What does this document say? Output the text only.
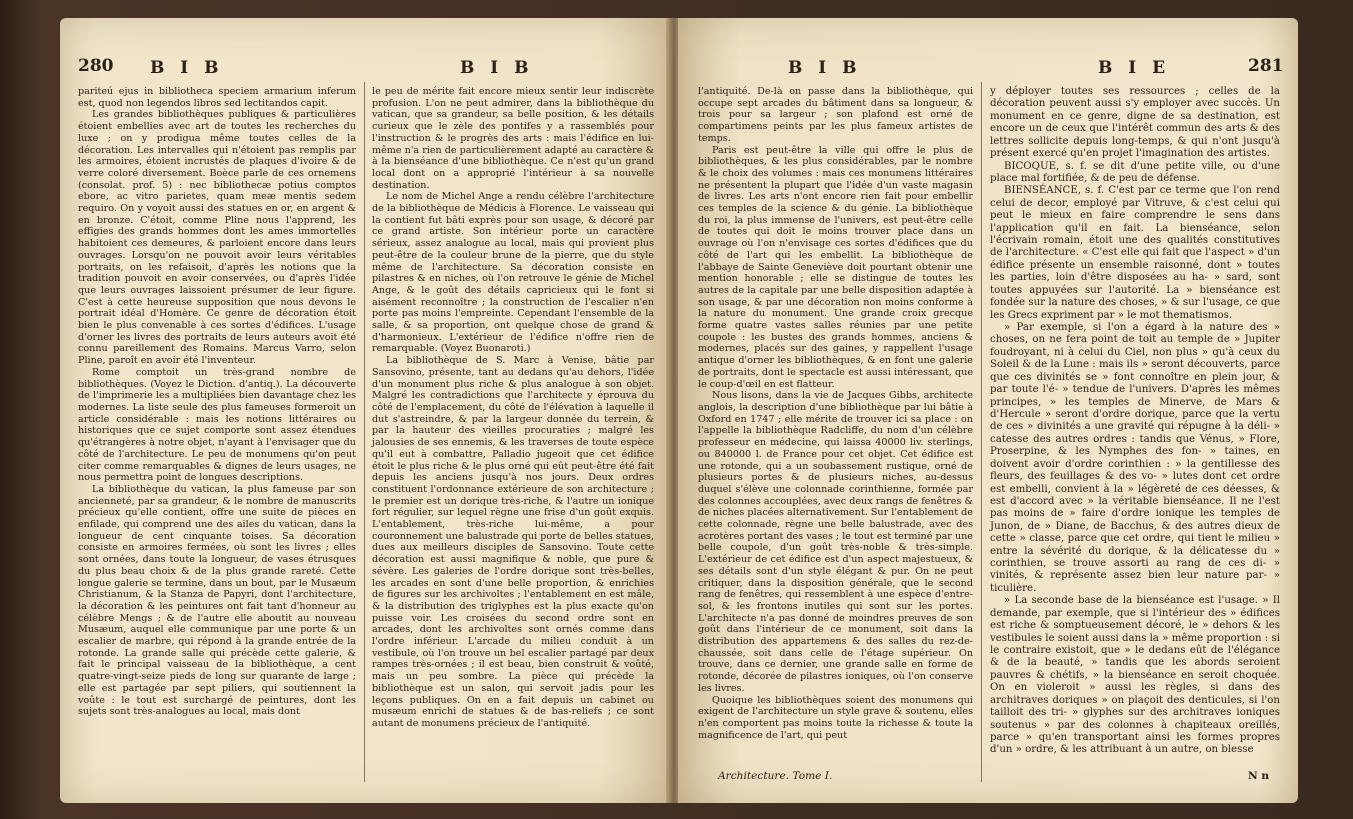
280 B I B	B I B

pariteú ejus in bibliotheca speciem armarium inferum est, quod non legendos libros sed lectitandos capit.

Les grandes bibliothèques publiques & particulières étoient embellies avec art de toutes les recherches du luxe ; on y prodigua même toutes celles de la décoration. Les intervalles qui n'étoient pas remplis par les armoires, étoient incrustés de plaques d'ivoire & de verre coloré diversement. Boèce parle de ces ornemens (consolat. prof. 5) : nec bibliothecæ potius comptos ebore, ac vitro parietes, quam meæ mentis sedem requiro. On y voyoit aussi des statues en or, en argent & en bronze. C'étoit, comme Pline nous l'apprend, les effigies des grands hommes dont les ames immortelles habitoient ces demeures, & parloient encore dans leurs ouvrages. Lorsqu'on ne pouvoit avoir leurs véritables portraits, on les refaisoit, d'après les notions que la tradition pouvoit en avoir conservées, ou d'après l'idée que leurs ouvrages laissoient présumer de leur figure. C'est à cette heureuse supposition que nous devons le portrait idéal d'Homère. Ce genre de décoration étoit bien le plus convenable à ces sortes d'édifices. L'usage d'orner les livres des portraits de leurs auteurs avoit été connu pareillement des Romains. Marcus Varro, selon Pline, paroît en avoir été l'inventeur.

Rome comptoit un très-grand nombre de bibliothèques. (Voyez le Diction. d'antiq.). La découverte de l'imprimerie les a multipliées bien davantage chez les modernes. La liste seule des plus fameuses formeroit un article considérable : mais les notions littéraires ou historiques que ce sujet comporte sont assez étendues qu'étrangères à notre objet, n'ayant à l'envisager que du côté de l'architecture. Le peu de monumens qu'on peut citer comme remarquables & dignes de leurs usages, ne nous permettra point de longues descriptions.

La bibliothèque du vatican, la plus fameuse par son ancienneté, par sa grandeur, & le nombre de manuscrits précieux qu'elle contient, offre une suite de pièces en enfilade, qui comprend une des ailes du vatican, dans la longueur de cent cinquante toises. Sa décoration consiste en armoires fermées, où sont les livres ; elles sont ornées, dans toute la longueur, de vases étrusques du plus beau choix & de la plus grande rareté. Cette longue galerie se termine, dans un bout, par le Musæum Christianum, & la Stanza de Papyri, dont l'architecture, la décoration & les peintures ont fait tant d'honneur au célèbre Mengs ; & de l'autre elle aboutit au nouveau Musæum, auquel elle communique par une porte & un escalier de marbre, qui répond à la grande entrée de la rotonde. La grande salle qui précède cette galerie, & fait le principal vaisseau de la bibliothèque, a cent quatre-vingt-seize pieds de long sur quarante de large ; elle est partagée par sept piliers, qui soutiennent la voûte : le tout est surchargé de peintures, dont les sujets sont très-analogues au local, mais dont

le peu de mérite fait encore mieux sentir leur indiscrète profusion. L'on ne peut admirer, dans la bibliothèque du vatican, que sa grandeur, sa belle position, & les détails curieux que le zèle des pontifes y a rassemblés pour l'instruction & le progrès des arts : mais l'édifice en lui-même n'a rien de particulièrement adapté au caractère & à la bienséance d'une bibliothèque. Ce n'est qu'un grand local dont on a approprié l'intérieur à sa nouvelle destination.

Le nom de Michel Ange a rendu célèbre l'architecture de la bibliothèque de Médicis à Florence. Le vaisseau qui la contient fut bâti exprès pour son usage, & décoré par ce grand artiste. Son intérieur porte un caractère sérieux, assez analogue au local, mais qui provient plus peut-être de la couleur brune de la pierre, que du style même de l'architecture. Sa décoration consiste en pilastres & en niches, où l'on retrouve le génie de Michel Ange, & le goût des détails capricieux qui le font si aisément reconnoître ; la construction de l'escalier n'en porte pas moins l'empreinte. Cependant l'ensemble de la salle, & sa proportion, ont quelque chose de grand & d'harmonieux. L'extérieur de l'édifice n'offre rien de remarquable. (Voyez Buonaroti.)

La bibliothèque de S. Marc à Venise, bâtie par Sansovino, présente, tant au dedans qu'au dehors, l'idée d'un monument plus riche & plus analogue à son objet. Malgré les contradictions que l'architecte y éprouva du côté de l'emplacement, du côté de l'élévation à laquelle il dut s'astreindre, & par la largeur donnée du terrein, & par la hauteur des vieilles procuraties ; malgré les jalousies de ses ennemis, & les traverses de toute espèce qu'il eut à combattre, Palladio jugeoit que cet édifice étoit le plus riche & le plus orné qui eût peut-être été fait depuis les anciens jusqu'à nos jours. Deux ordres constituent l'ordonnance extérieure de son architecture ; le premier est un dorique très-riche, & l'autre un ionique fort régulier, sur lequel règne une frise d'un goût exquis. L'entablement, très-riche lui-même, a pour couronnement une balustrade qui porte de belles statues, dues aux meilleurs disciples de Sansovino. Toute cette décoration est aussi magnifique & noble, que pure & sévère. Les galeries de l'ordre dorique sont très-belles, les arcades en sont d'une belle proportion, & enrichies de figures sur les archivoltes ; l'entablement en est mâle, & la distribution des triglyphes est la plus exacte qu'on puisse voir. Les croisées du second ordre sont en arcades, dont les archivoltes sont ornés comme dans l'ordre inférieur. L'arcade du milieu conduit à un vestibule, où l'on trouve un bel escalier partagé par deux rampes très-ornées ; il est beau, bien construit & voûté, mais un peu sombre. La pièce qui précède la bibliothèque est un salon, qui servoit jadis pour les leçons publiques. On en a fait depuis un cabinet ou musæum enrichi de statues & de bas-reliefs ; ce sont autant de monumens précieux de l'antiquité.

B I B	B I E	281

l'antiquité. De-là on passe dans la bibliothèque, qui occupe sept arcades du bâtiment dans sa longueur, & trois pour sa largeur ; son plafond est orné de compartimens peints par les plus fameux artistes de temps.

Paris est peut-être la ville qui offre le plus de bibliothèques, & les plus considérables, par le nombre & le choix des volumes : mais ces monumens littéraires ne présentent la plupart que l'idée d'un vaste magasin de livres. Les arts n'ont encore rien fait pour embellir ces temples de la science & du génie. La bibliothèque du roi, la plus immense de l'univers, est peut-être celle de toutes qui doit le moins trouver place dans un ouvrage où l'on n'envisage ces sortes d'édifices que du côté de l'art qui les embellit. La bibliothèque de l'abbaye de Sainte Geneviève doit pourtant obtenir une mention honorable ; elle se distingue de toutes les autres de la capitale par une belle disposition adaptée à son usage, & par une décoration non moins conforme à la nature du monument. Une grande croix grecque forme quatre vastes salles réunies par une petite coupole : les bustes des grands hommes, anciens & modernes, placés sur des gaines, y rappellent l'usage antique d'orner les bibliothèques, & en font une galerie de portraits, dont le spectacle est aussi intéressant, que le coup-d'œil en est flatteur.

Nous lisons, dans la vie de Jacques Gibbs, architecte anglois, la description d'une bibliothèque par lui bâtie à Oxford en 1747 ; elle mérite de trouver ici sa place : on l'appelle la bibliothèque Radcliffe, du nom d'un célèbre professeur en médecine, qui laissa 40000 liv. sterlings, ou 840000 l. de France pour cet objet. Cet édifice est une rotonde, qui a un soubassement rustique, orné de plusieurs portes & de plusieurs niches, au-dessus duquel s'élève une colonnade corinthienne, formée par des colonnes accouplées, avec deux rangs de fenêtres & de niches placées alternativement. Sur l'entablement de cette colonnade, règne une belle balustrade, avec des acrotères portant des vases ; le tout est terminé par une belle coupole, d'un goût très-noble & très-simple. L'extérieur de cet édifice est d'un aspect majestueux, & ses détails sont d'un style élégant & pur. On ne peut critiquer, dans la disposition générale, que le second rang de fenêtres, qui ressemblent à une espèce d'entre-sol, & les frontons inutiles qui sont sur les portes. L'architecte n'a pas donné de moindres preuves de son goût dans l'intérieur de ce monument, soit dans la distribution des appartemens & des salles du rez-de-chaussée, soit dans celle de l'étage supérieur. On trouve, dans ce dernier, une grande salle en forme de rotonde, décorée de pilastres ioniques, où l'on conserve les livres.

Quoique les bibliothèques soient des monumens qui exigent de l'architecture un style grave & soutenu, elles n'en comportent pas moins toute la richesse & toute la magnificence de l'art, qui peut

Architecture. Tome I.

y déployer toutes ses ressources ; celles de la décoration peuvent aussi s'y employer avec succès. Un monument en ce genre, digne de sa destination, est encore un de ceux que l'intérêt commun des arts & des lettres sollicite depuis long-temps, & qui n'ont jusqu'à présent exercé qu'en projet l'imagination des artistes.

BICOQUE, s. f. se dit d'une petite ville, ou d'une place mal fortifiée, & de peu de défense.

BIENSÉANCE, s. f. C'est par ce terme que l'on rend celui de decor, employé par Vitruve, & c'est celui qui peut le mieux en faire comprendre le sens dans l'application qu'il en fait. La bienséance, selon l'écrivain romain, étoit une des qualités constitutives de l'architecture. « C'est elle qui fait que l'aspect » d'un édifice présente un ensemble raisonné, dont » toutes les parties, loin d'être disposées au ha- » sard, sont toutes appuyées sur l'autorité. La » bienséance est fondée sur la nature des choses, » & sur l'usage, ce que les Grecs expriment par » le mot thematismos.

» Par exemple, si l'on a égard à la nature des » choses, on ne fera point de toit au temple de » Jupiter foudroyant, ni à celui du Ciel, non plus » qu'à ceux du Soleil & de la Lune : mais ils » seront découverts, parce que ces divinités se » font connoître en plein jour, & par toute l'é- » tendue de l'univers. D'après les mêmes principes, » les temples de Minerve, de Mars & d'Hercule » seront d'ordre dorique, parce que la vertu de ces » divinités a une gravité qui répugne à la déli- » catesse des autres ordres : tandis que Vénus, » Flore, Proserpine, & les Nymphes des fon- » taines, en doivent avoir d'ordre corinthien : » la gentillesse des fleurs, des feuillages & des vo- » lutes dont cet ordre est embelli, convient à la » légèreté de ces déesses, & est d'accord avec » la véritable bienséance. Il ne l'est pas moins de » faire d'ordre ionique les temples de Junon, de » Diane, de Bacchus, & des autres dieux de cette » classe, parce que cet ordre, qui tient le milieu » entre la sévérité du dorique, & la délicatesse du » corinthien, se trouve assorti au rang de ces di- » vinités, & représente assez bien leur nature par- » ticulière.

» La seconde base de la bienséance est l'usage. » Il demande, par exemple, que si l'intérieur des » édifices est riche & somptueusement décoré, le » dehors & les vestibules le soient aussi dans la » même proportion : si le contraire existoit, que » le dedans eût de l'élégance & de la beauté, » tandis que les abords seroient pauvres & chétifs, » la bienséance en seroit choquée. On en violeroit » aussi les règles, si dans des architraves doriques » on plaçoit des denticules, si l'on tailloit des tri- » glyphes sur des architraves ioniques soutenus » par des colonnes à chapiteaux oreillés, parce » qu'en transportant ainsi les formes propres d'un » ordre, & les attribuant à un autre, on blesse

N n
